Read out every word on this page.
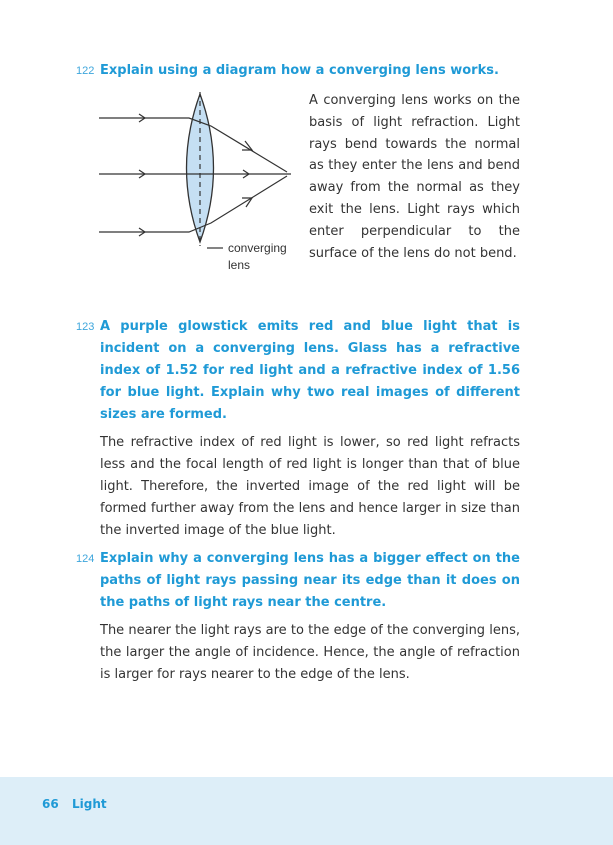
122 Explain using a diagram how a converging lens works.
converging
lens
A converging lens works on the basis of light refraction. Light rays bend towards the normal as they enter the lens and bend away from the normal as they exit the lens. Light rays which enter perpendicular to the surface of the lens do not bend.
123 A purple glowstick emits red and blue light that is incident on a converging lens. Glass has a refractive index of 1.52 for red light and a refractive index of 1.56 for blue light. Explain why two real images of different sizes are formed.
The refractive index of red light is lower, so red light refracts less and the focal length of red light is longer than that of blue light. Therefore, the inverted image of the red light will be formed further away from the lens and hence larger in size than the inverted image of the blue light.
124 Explain why a converging lens has a bigger effect on the paths of light rays passing near its edge than it does on the paths of light rays near the centre.
The nearer the light rays are to the edge of the converging lens, the larger the angle of incidence. Hence, the angle of refraction is larger for rays nearer to the edge of the lens.
66 Light
